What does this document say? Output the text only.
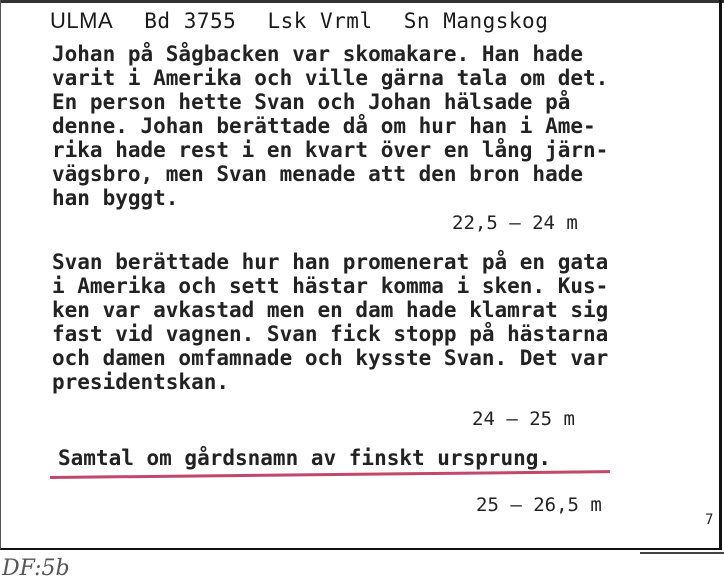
ULMA Bd 3755 Lsk Vrml Sn Mangskog
Johan på Sågbacken var skomakare. Han hade
varit i Amerika och ville gärna tala om det.
En person hette Svan och Johan hälsade på
denne. Johan berättade då om hur han i Ame-
rika hade rest i en kvart över en lång järn-
vägsbro, men Svan menade att den bron hade
han byggt.
22,5 – 24 m
Svan berättade hur han promenerat på en gata
i Amerika och sett hästar komma i sken. Kus-
ken var avkastad men en dam hade klamrat sig
fast vid vagnen. Svan fick stopp på hästarna
och damen omfamnade och kysste Svan. Det var
presidentskan.
24 – 25 m
Samtal om gårdsnamn av finskt ursprung.
25 – 26,5 m
7
DF:5b
